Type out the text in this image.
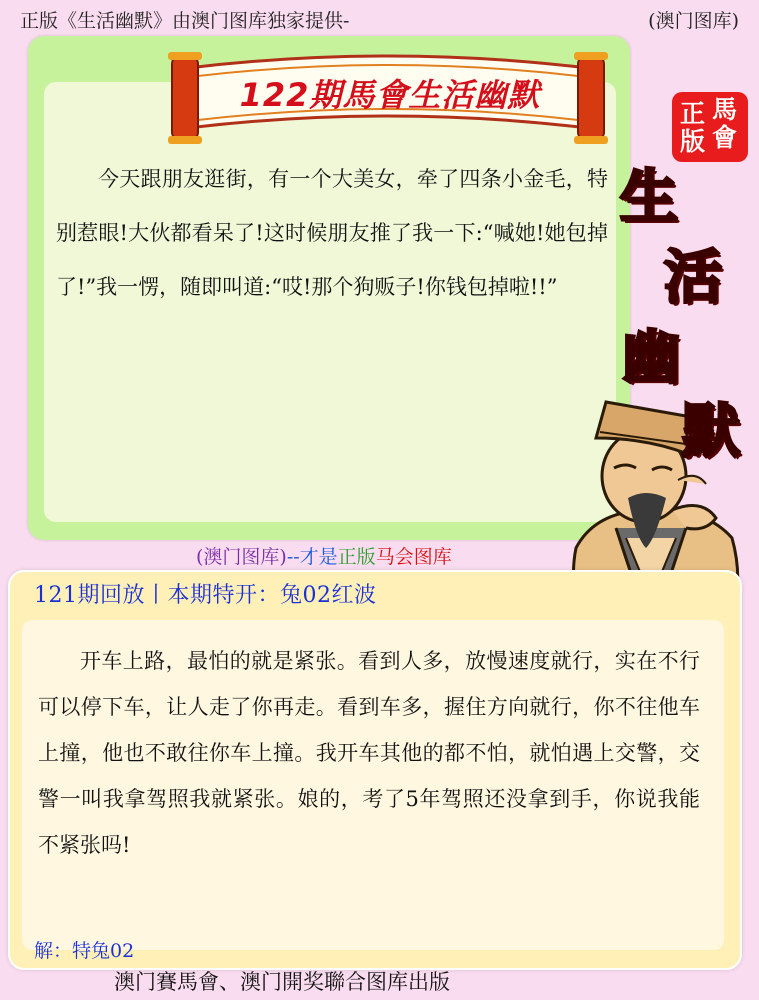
正版《生活幽默》由澳门图库独家提供-	(澳门图库)
122期馬會生活幽默

今天跟朋友逛街，有一个大美女，牵了四条小金毛，特别惹眼!大伙都看呆了!这时候朋友推了我一下:“喊她!她包掉了!”我一愣，随即叫道:“哎!那个狗贩子!你钱包掉啦!!”

正 馬
版 會
生
活
幽
默
(澳门图库)--才是正版马会图库
121期回放丨本期特开：兔02红波

开车上路，最怕的就是紧张。看到人多，放慢速度就行，实在不行可以停下车，让人走了你再走。看到车多，握住方向就行，你不往他车上撞，他也不敢往你车上撞。我开车其他的都不怕，就怕遇上交警，交警一叫我拿驾照我就紧张。娘的，考了5年驾照还没拿到手，你说我能不紧张吗!

解：特兔02
澳门賽馬會、澳门開奖聯合图库出版
